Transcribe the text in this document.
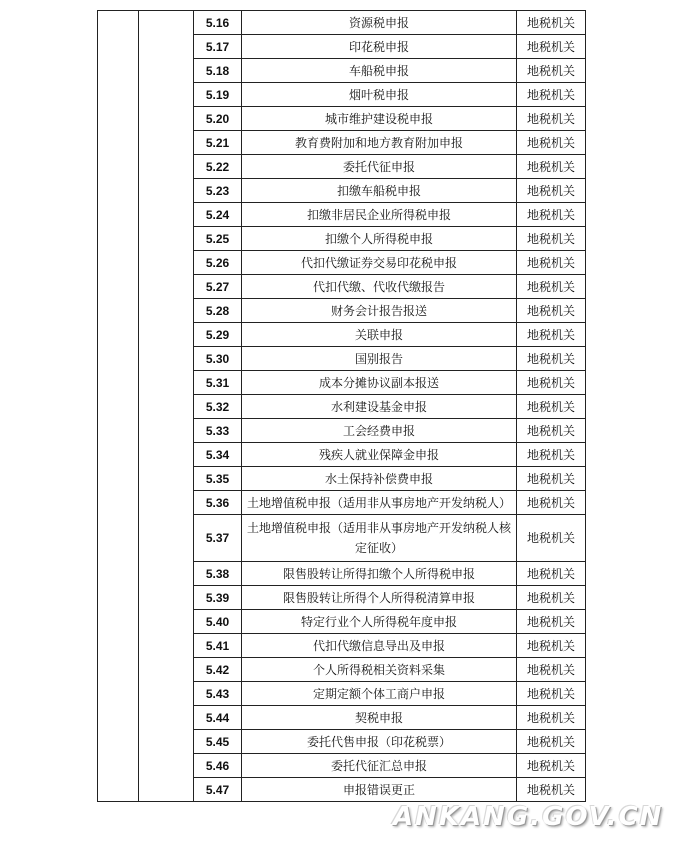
		5.16	资源税申报	地税机关
		5.17	印花税申报	地税机关
		5.18	车船税申报	地税机关
		5.19	烟叶税申报	地税机关
		5.20	城市维护建设税申报	地税机关
		5.21	教育费附加和地方教育附加申报	地税机关
		5.22	委托代征申报	地税机关
		5.23	扣缴车船税申报	地税机关
		5.24	扣缴非居民企业所得税申报	地税机关
		5.25	扣缴个人所得税申报	地税机关
		5.26	代扣代缴证券交易印花税申报	地税机关
		5.27	代扣代缴、代收代缴报告	地税机关
		5.28	财务会计报告报送	地税机关
		5.29	关联申报	地税机关
		5.30	国别报告	地税机关
		5.31	成本分摊协议副本报送	地税机关
		5.32	水利建设基金申报	地税机关
		5.33	工会经费申报	地税机关
		5.34	残疾人就业保障金申报	地税机关
		5.35	水土保持补偿费申报	地税机关
		5.36	土地增值税申报（适用非从事房地产开发纳税人）	地税机关
		5.37	土地增值税申报（适用非从事房地产开发纳税人核定征收）	地税机关
		5.38	限售股转让所得扣缴个人所得税申报	地税机关
		5.39	限售股转让所得个人所得税清算申报	地税机关
		5.40	特定行业个人所得税年度申报	地税机关
		5.41	代扣代缴信息导出及申报	地税机关
		5.42	个人所得税相关资料采集	地税机关
		5.43	定期定额个体工商户申报	地税机关
		5.44	契税申报	地税机关
		5.45	委托代售申报（印花税票）	地税机关
		5.46	委托代征汇总申报	地税机关
		5.47	申报错误更正	地税机关
ANKANG.GOV.CN
